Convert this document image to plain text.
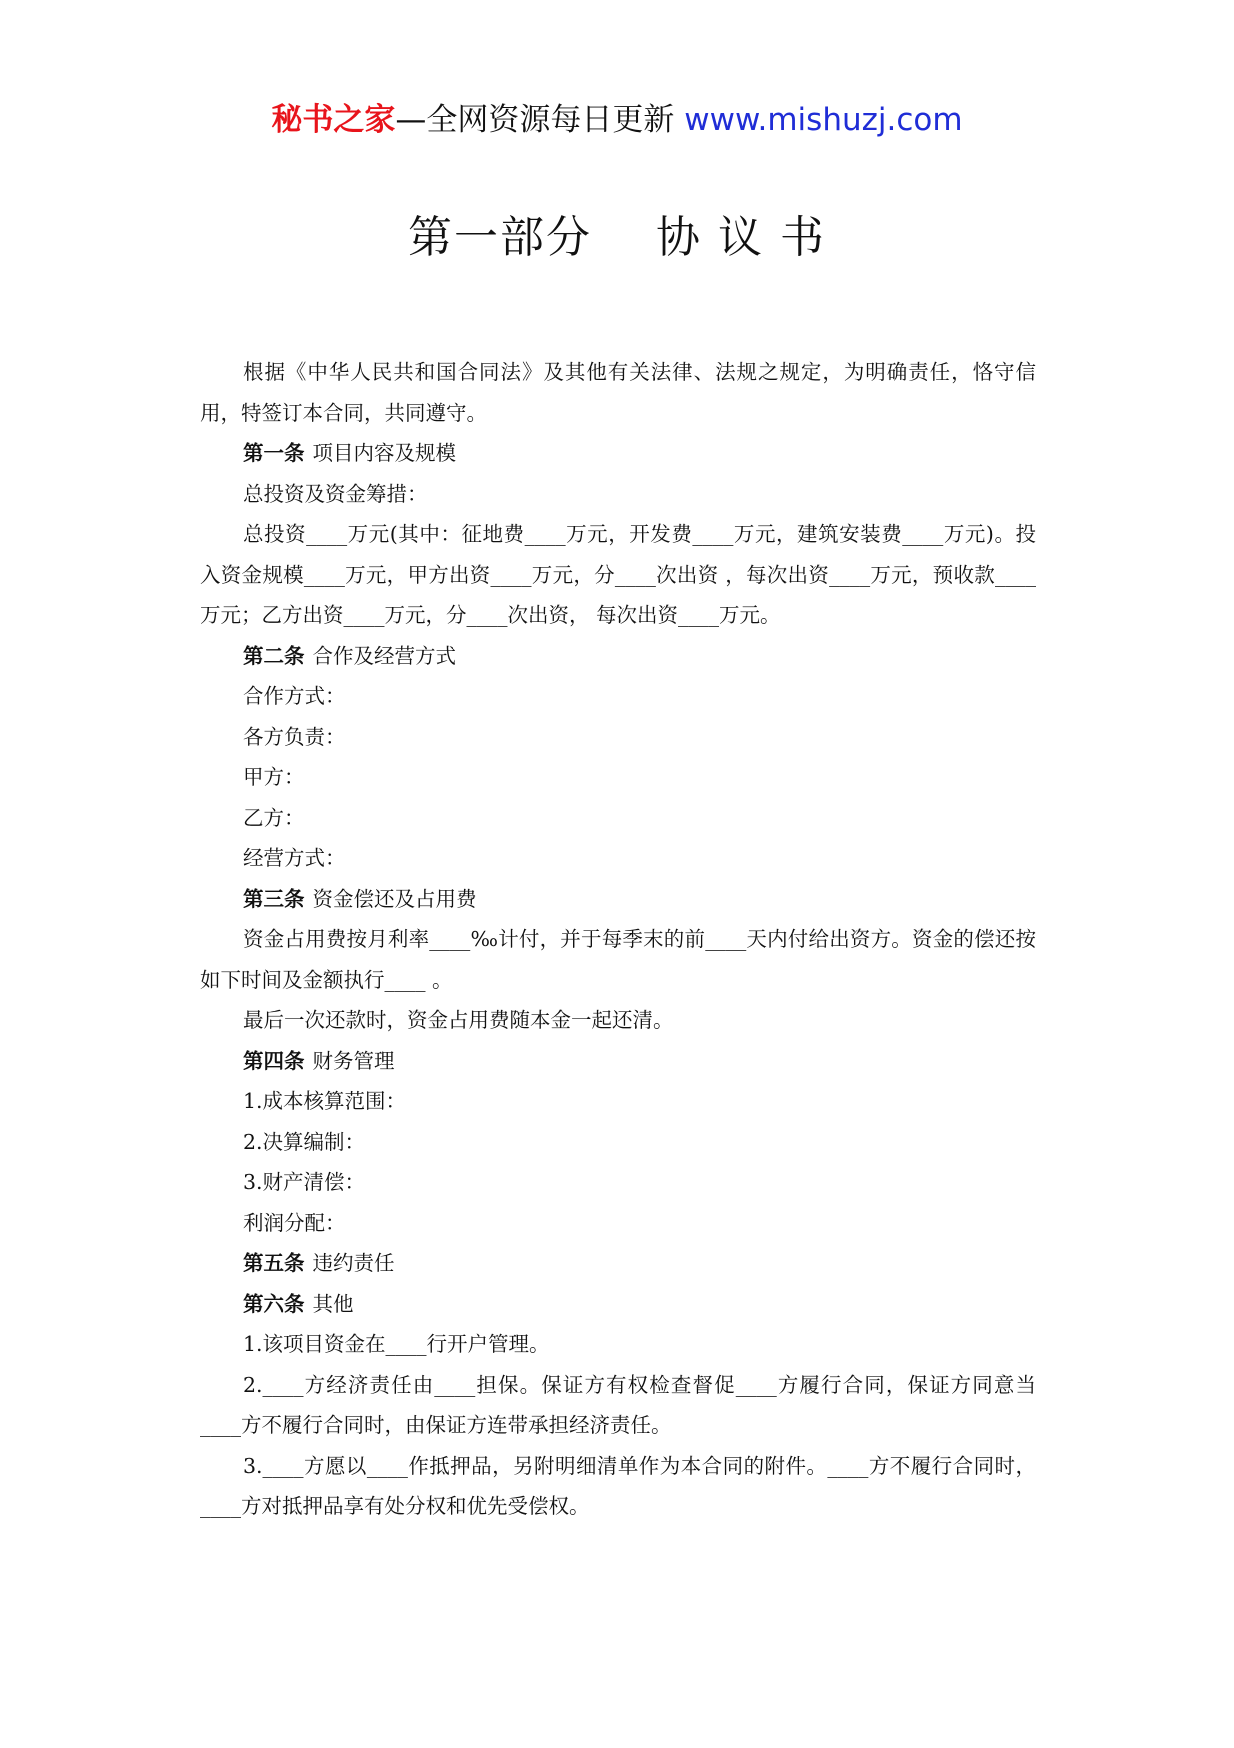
秘书之家—全网资源每日更新 www.mishuzj.com
第一部分    协 议 书

根据《中华人民共和国合同法》及其他有关法律、法规之规定，为明确责任，恪守信用，特签订本合同，共同遵守。

第一条 项目内容及规模

总投资及资金筹措：

总投资____万元(其中：征地费____万元，开发费____万元，建筑安装费____万元)。投入资金规模____万元，甲方出资____万元，分____次出资 ，每次出资____万元，预收款____万元；乙方出资____万元，分____次出资， 每次出资____万元。

第二条 合作及经营方式

合作方式：

各方负责：

甲方：

乙方：

经营方式：

第三条 资金偿还及占用费

资金占用费按月利率____‰计付，并于每季末的前____天内付给出资方。资金的偿还按如下时间及金额执行____ 。

最后一次还款时，资金占用费随本金一起还清。

第四条 财务管理

1.成本核算范围：

2.决算编制：

3.财产清偿：

利润分配：

第五条 违约责任

第六条 其他

1.该项目资金在____行开户管理。

2.____方经济责任由____担保。保证方有权检查督促____方履行合同，保证方同意当____方不履行合同时，由保证方连带承担经济责任。

3.____方愿以____作抵押品，另附明细清单作为本合同的附件。____方不履行合同时，____方对抵押品享有处分权和优先受偿权。
